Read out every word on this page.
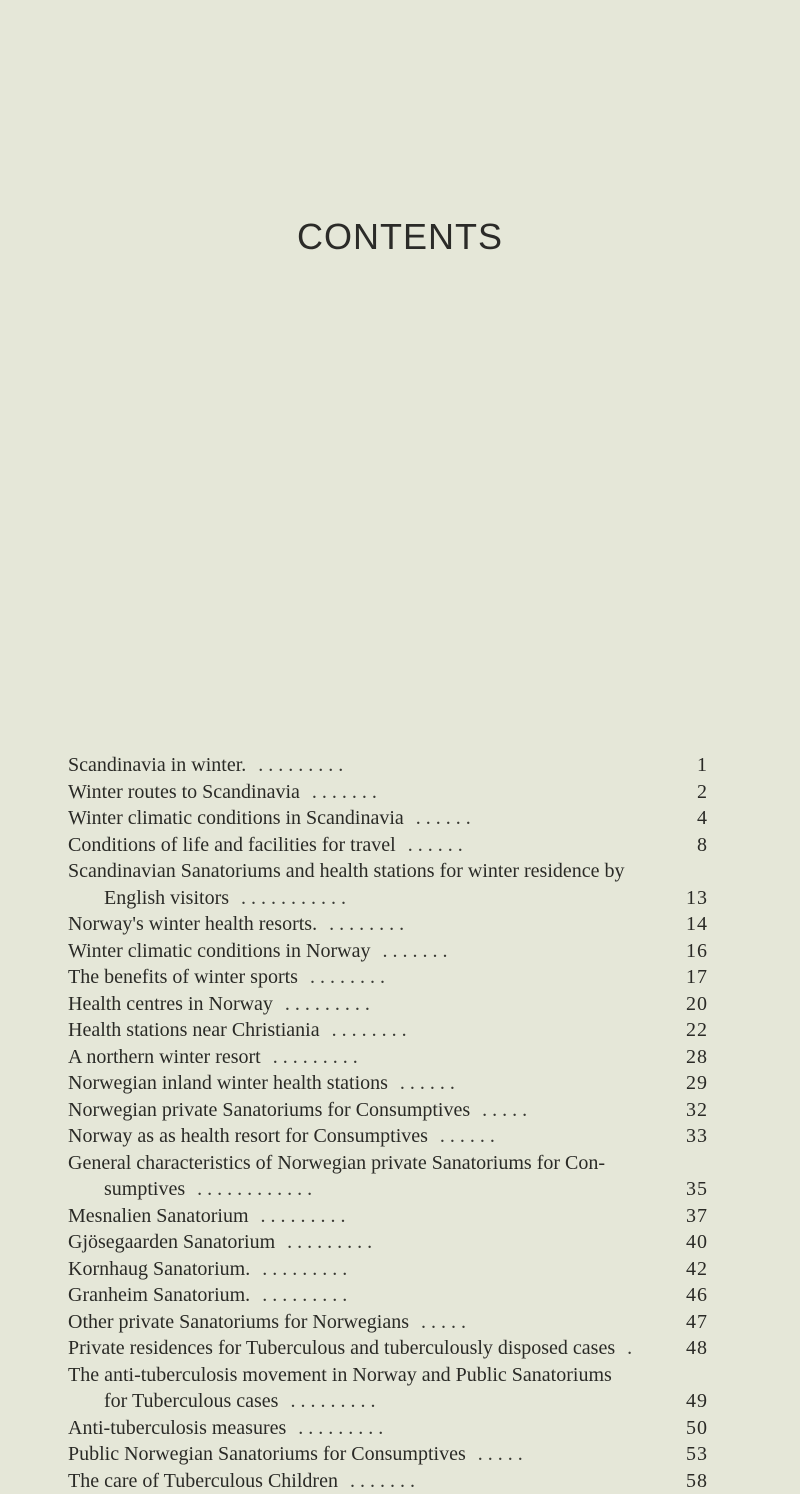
CONTENTS
Scandinavia in winter. . . . . . . . . .	1
Winter routes to Scandinavia . . . . . . .	2
Winter climatic conditions in Scandinavia . . . . . .	4
Conditions of life and facilities for travel . . . . . .	8
Scandinavian Sanatoriums and health stations for winter residence by
English visitors . . . . . . . . . . .	13
Norway's winter health resorts. . . . . . . . .	14
Winter climatic conditions in Norway . . . . . . .	16
The benefits of winter sports . . . . . . . .	17
Health centres in Norway . . . . . . . . .	20
Health stations near Christiania . . . . . . . .	22
A northern winter resort . . . . . . . . .	28
Norwegian inland winter health stations . . . . . .	29
Norwegian private Sanatoriums for Consumptives . . . . .	32
Norway as as health resort for Consumptives . . . . . .	33
General characteristics of Norwegian private Sanatoriums for Con-
sumptives . . . . . . . . . . . .	35
Mesnalien Sanatorium . . . . . . . . .	37
Gjösegaarden Sanatorium . . . . . . . . .	40
Kornhaug Sanatorium. . . . . . . . . .	42
Granheim Sanatorium. . . . . . . . . .	46
Other private Sanatoriums for Norwegians . . . . .	47
Private residences for Tuberculous and tuberculously disposed cases .	48
The anti-tuberculosis movement in Norway and Public Sanatoriums
for Tuberculous cases . . . . . . . . .	49
Anti-tuberculosis measures . . . . . . . . .	50
Public Norwegian Sanatoriums for Consumptives . . . . .	53
The care of Tuberculous Children . . . . . . .	58
